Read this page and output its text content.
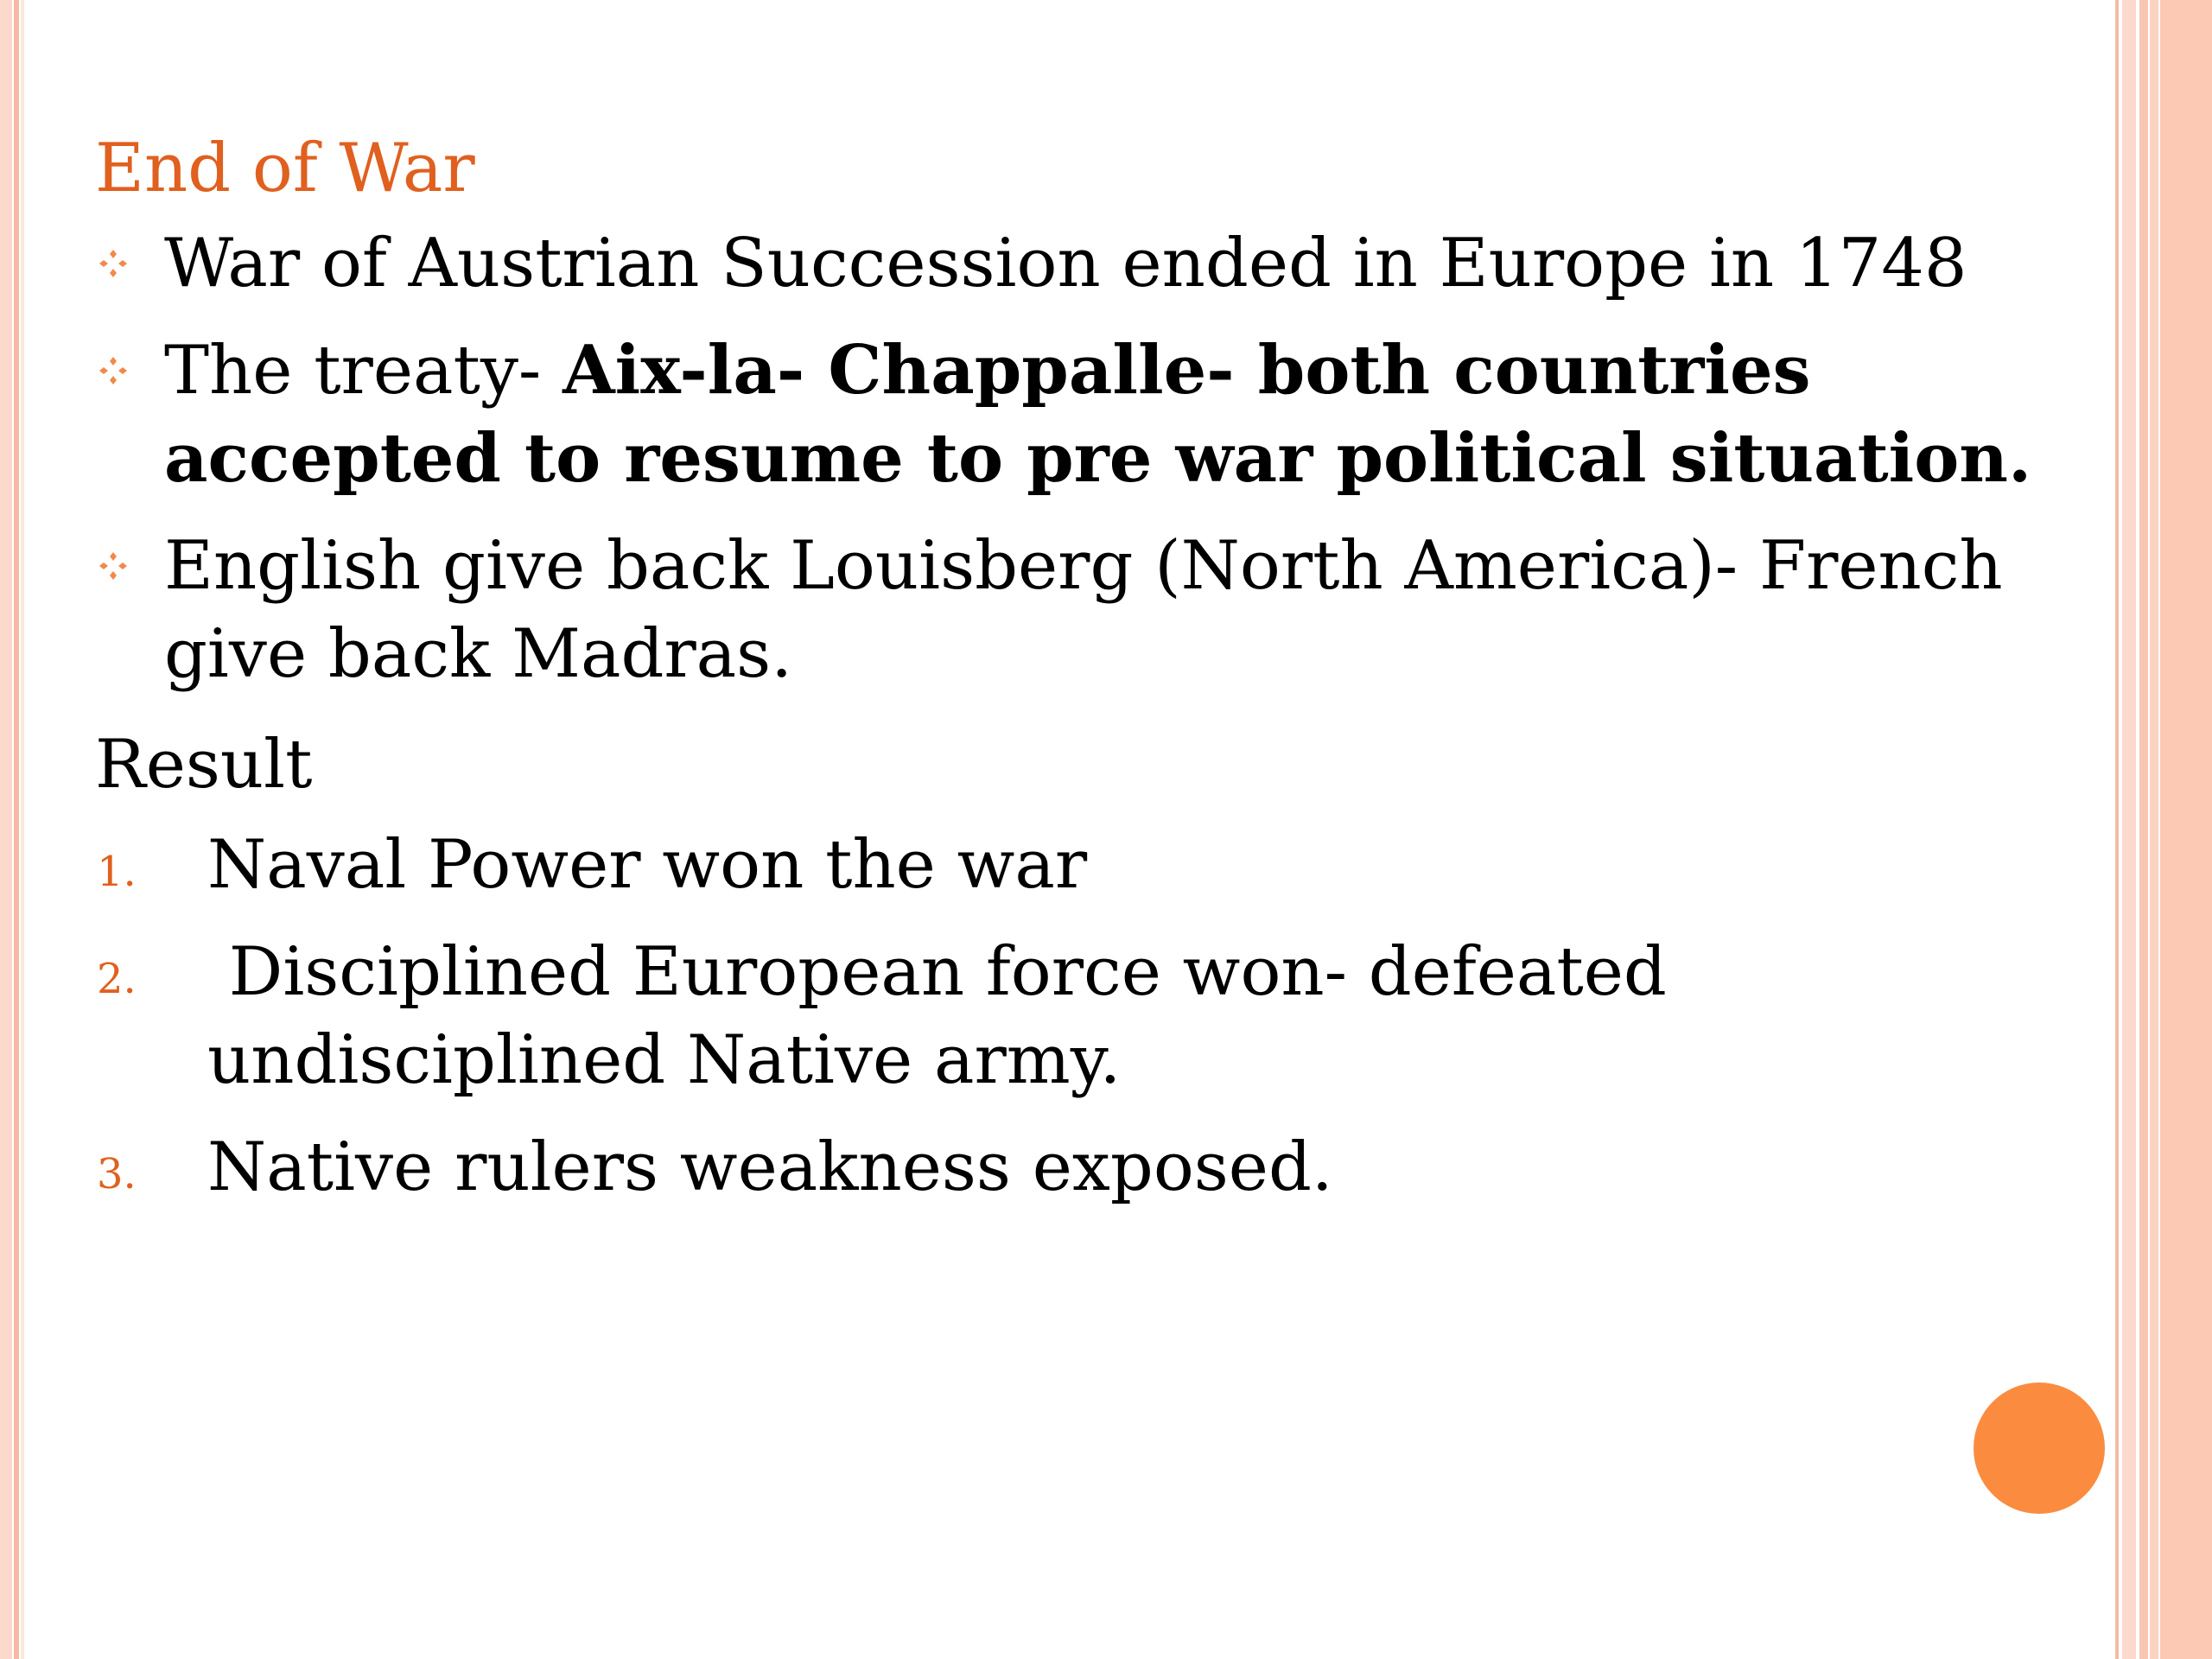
End of War
War of Austrian Succession ended in Europe in 1748
The treaty- Aix-la- Chappalle- both countries accepted to resume to pre war political situation.
English give back Louisberg (North America)- French give back Madras.
Result
1. Naval Power won the war
2. Disciplined European force won- defeated undisciplined Native army.
3. Native rulers weakness exposed.
